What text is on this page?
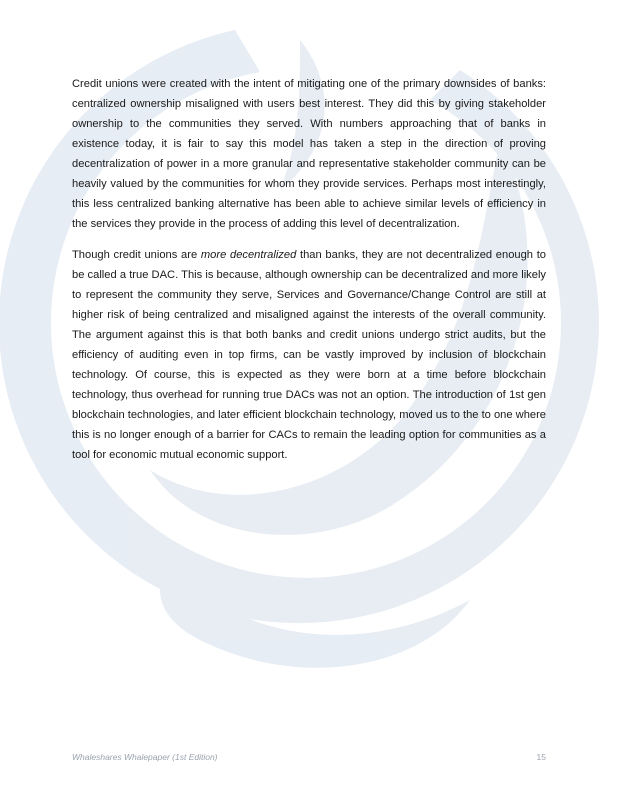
Credit unions were created with the intent of mitigating one of the primary downsides of banks: centralized ownership misaligned with users best interest. They did this by giving stakeholder ownership to the communities they served. With numbers approaching that of banks in existence today, it is fair to say this model has taken a step in the direction of proving decentralization of power in a more granular and representative stakeholder community can be heavily valued by the communities for whom they provide services. Perhaps most interestingly, this less centralized banking alternative has been able to achieve similar levels of efficiency in the services they provide in the process of adding this level of decentralization.

Though credit unions are more decentralized than banks, they are not decentralized enough to be called a true DAC. This is because, although ownership can be decentralized and more likely to represent the community they serve, Services and Governance/Change Control are still at higher risk of being centralized and misaligned against the interests of the overall community. The argument against this is that both banks and credit unions undergo strict audits, but the efficiency of auditing even in top firms, can be vastly improved by inclusion of blockchain technology. Of course, this is expected as they were born at a time before blockchain technology, thus overhead for running true DACs was not an option. The introduction of 1st gen blockchain technologies, and later efficient blockchain technology, moved us to the to one where this is no longer enough of a barrier for CACs to remain the leading option for communities as a tool for economic mutual economic support.

Whaleshares Whalepaper (1st Edition)	15
